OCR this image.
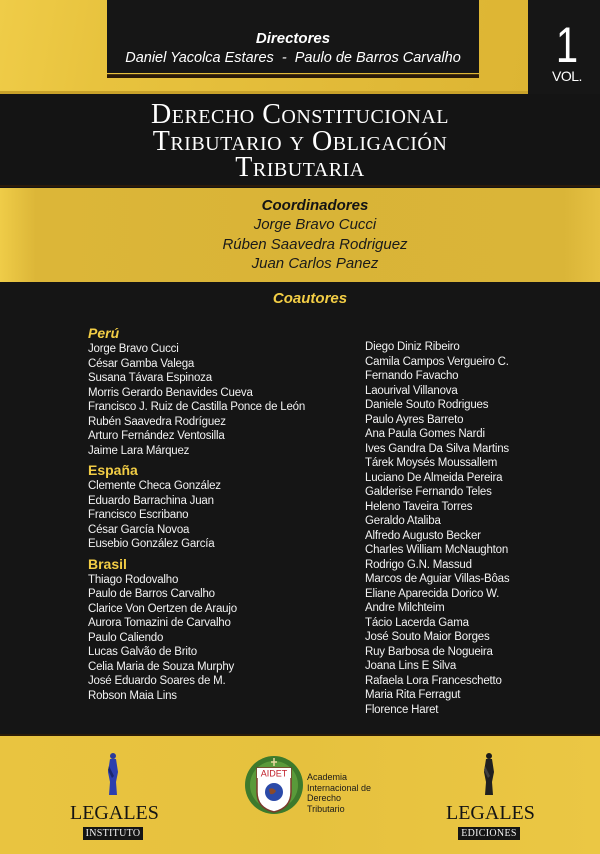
1
VOL.
Directores
Daniel Yacolca Estares  -  Paulo de Barros Carvalho
Derecho Constitucional
Tributario y Obligación
Tributaria
Coordinadores
Jorge Bravo Cucci
Rúben Saavedra Rodriguez
Juan Carlos Panez
Coautores
Perú
Jorge Bravo Cucci
César Gamba Valega
Susana Távara Espinoza
Morris Gerardo Benavides Cueva
Francisco J. Ruiz de Castilla Ponce de León
Rubén Saavedra Rodríguez
Arturo Fernández Ventosilla
Jaime Lara Márquez
España
Clemente Checa González
Eduardo Barrachina Juan
Francisco Escribano
César García Novoa
Eusebio González García
Brasil
Thiago Rodovalho
Paulo de Barros Carvalho
Clarice Von Oertzen de Araujo
Aurora Tomazini de Carvalho
Paulo Caliendo
Lucas Galvão de Brito
Celia Maria de Souza Murphy
José Eduardo Soares de M.
Robson Maia Lins
Diego Diniz Ribeiro
Camila Campos Vergueiro C.
Fernando Favacho
Laourival Villanova
Daniele Souto Rodrigues
Paulo Ayres Barreto
Ana Paula Gomes Nardi
Ives Gandra Da Silva Martins
Tárek Moysés Moussallem
Luciano De Almeida Pereira
Galderise Fernando Teles
Heleno Taveira Torres
Geraldo Ataliba
Alfredo Augusto Becker
Charles William McNaughton
Rodrigo G.N. Massud
Marcos de Aguiar Villas-Bôas
Eliane Aparecida Dorico W.
Andre Milchteim
Tácio Lacerda Gama
José Souto Maior Borges
Ruy Barbosa de Nogueira
Joana Lins E Silva
Rafaela Lora Franceschetto
Maria Rita Ferragut
Florence Haret
LEGALES
INSTITUTO
AIDET Academia
Internacional de
Derecho
Tributario	LEGALES
EDICIONES
